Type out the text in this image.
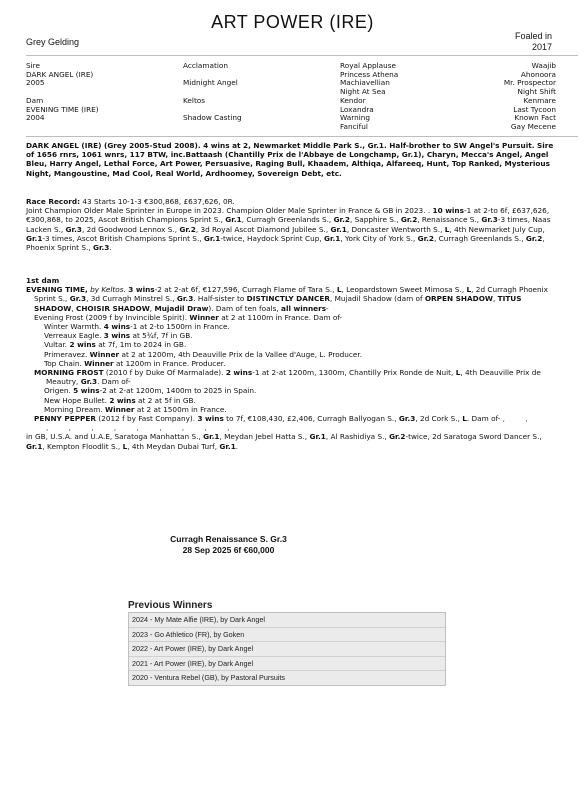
ART POWER (IRE)
Grey Gelding
Foaled in
2017
Sire
DARK ANGEL (IRE)
2005
Dam
EVENING TIME (IRE)
2004
Acclamation
Midnight Angel
Keltos
Shadow Casting
Royal Applause
Princess Athena
Machiavellian
Night At Sea
Kendor
Loxandra
Warning
Fanciful
Waajib
Ahonoora
Mr. Prospector
Night Shift
Kenmare
Last Tycoon
Known Fact
Gay Mecene
DARK ANGEL (IRE) (Grey 2005-Stud 2008). 4 wins at 2, Newmarket Middle Park S., Gr.1. Half-brother to SW Angel's Pursuit. Sire of 1656 rnrs, 1061 wnrs, 117 BTW, inc.Battaash (Chantilly Prix de l'Abbaye de Longchamp, Gr.1), Charyn, Mecca's Angel, Angel Bleu, Harry Angel, Lethal Force, Art Power, Persuasive, Raging Bull, Khaadem, Althiqa, Alfareeq, Hunt, Top Ranked, Mysterious Night, Mangoustine, Mad Cool, Real World, Ardhoomey, Sovereign Debt, etc.

Race Record: 43 Starts 10-1-3 €300,868, £637,626, 0R.

Joint Champion Older Male Sprinter in Europe in 2023. Champion Older Male Sprinter in France & GB in 2023. . 10 wins-1 at 2-to 6f, £637,626, €300,868, to 2025, Ascot British Champions Sprint S., Gr.1, Curragh Greenlands S., Gr.2, Sapphire S., Gr.2, Renaissance S., Gr.3-3 times, Naas Lacken S., Gr.3, 2d Goodwood Lennox S., Gr.2, 3d Royal Ascot Diamond Jubilee S., Gr.1, Doncaster Wentworth S., L, 4th Newmarket July Cup, Gr.1-3 times, Ascot British Champions Sprint S., Gr.1-twice, Haydock Sprint Cup, Gr.1, York City of York S., Gr.2, Curragh Greenlands S., Gr.2, Phoenix Sprint S., Gr.3.

1st dam

EVENING TIME, by Keltos. 3 wins-2 at 2-at 6f, €127,596, Curragh Flame of Tara S., L, Leopardstown Sweet Mimosa S., L, 2d Curragh Phoenix Sprint S., Gr.3, 3d Curragh Minstrel S., Gr.3. Half-sister to DISTINCTLY DANCER, Mujadil Shadow (dam of ORPEN SHADOW, TITUS SHADOW, CHOISIR SHADOW, Mujadil Draw). Dam of ten foals, all winners-

Evening Frost (2009 f by Invincible Spirit). Winner at 2 at 1100m in France. Dam of-

Winter Warmth. 4 wins-1 at 2-to 1500m in France.

Verreaux Eagle. 3 wins at 5¾f, 7f in GB.

Vultar. 2 wins at 7f, 1m to 2024 in GB.

Primeravez. Winner at 2 at 1200m, 4th Deauville Prix de la Vallee d'Auge, L. Producer.

Top Chain. Winner at 1200m in France. Producer.

MORNING FROST (2010 f by Duke Of Marmalade). 2 wins-1 at 2-at 1200m, 1300m, Chantilly Prix Ronde de Nuit, L, 4th Deauville Prix de Meautry, Gr.3. Dam of-

Origen. 5 wins-2 at 2-at 1200m, 1400m to 2025 in Spain.

New Hope Bullet. 2 wins at 2 at 5f in GB.

Morning Dream. Winner at 2 at 1500m in France.

PENNY PEPPER (2012 f by Fast Company). 3 wins to 7f, €108,430, £2,406, Curragh Ballyogan S., Gr.3, 2d Cork S., L. Dam of- , , , , , , , , , , ,

in GB, U.S.A. and U.A.E, Saratoga Manhattan S., Gr.1, Meydan Jebel Hatta S., Gr.1, Al Rashidiya S., Gr.2-twice, 2d Saratoga Sword Dancer S., Gr.1, Kempton Floodlit S., L, 4th Meydan Dubai Turf, Gr.1.

Curragh Renaissance S. Gr.3
28 Sep 2025 6f €60,000
Previous Winners
2024 - My Mate Alfie (IRE), by Dark Angel
2023 - Go Athletico (FR), by Goken
2022 - Art Power (IRE), by Dark Angel
2021 - Art Power (IRE), by Dark Angel
2020 - Ventura Rebel (GB), by Pastoral Pursuits
